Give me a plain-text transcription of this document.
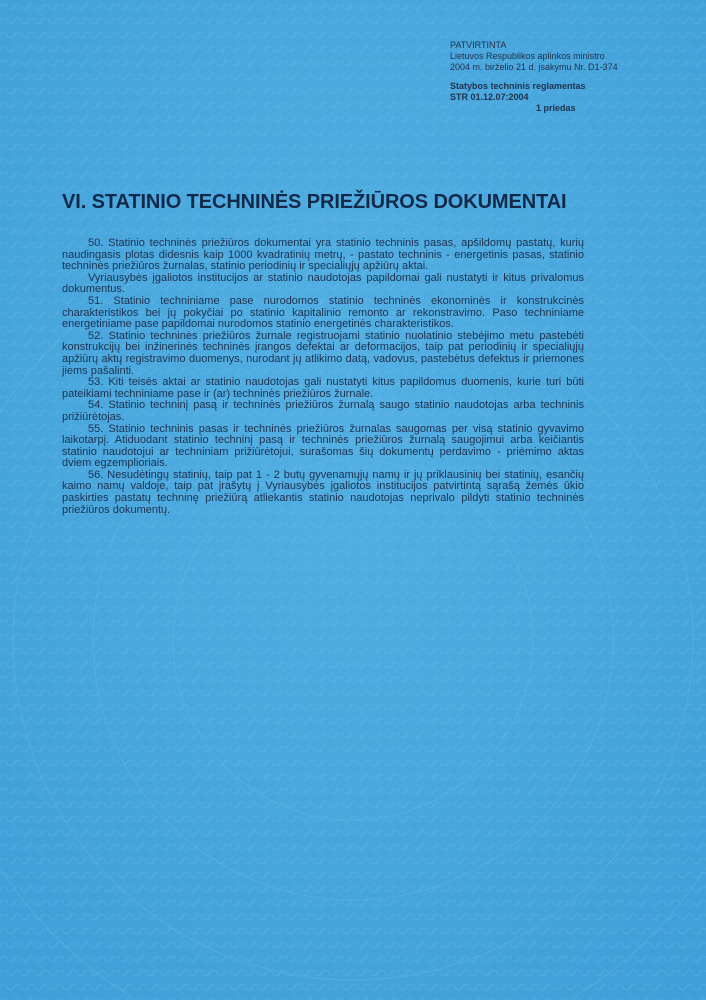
PATVIRTINTA
Lietuvos Respublikos aplinkos ministro
2004 m. birželio 21 d. įsakymu Nr. D1-374
Statybos techninis reglamentas
STR 01.12.07:2004
1 priedas
VI. STATINIO TECHNINĖS PRIEŽIŪROS DOKUMENTAI

50. Statinio techninės priežiūros dokumentai yra statinio techninis pasas, apšildomų pastatų, kurių naudingasis plotas didesnis kaip 1000 kvadratinių metrų, - pastato techninis - energetinis pasas, statinio techninės priežiūros žurnalas, statinio periodinių ir specialiųjų apžiūrų aktai.

Vyriausybės įgaliotos institucijos ar statinio naudotojas papildomai gali nustatyti ir kitus privalomus dokumentus.

51. Statinio techniniame pase nurodomos statinio techninės ekonominės ir konstrukcinės charakteristikos bei jų pokyčiai po statinio kapitalinio remonto ar rekonstravimo. Paso techniniame energetiniame pase papildomai nurodomos statinio energetinės charakteristikos.

52. Statinio techninės priežiūros žurnale registruojami statinio nuolatinio stebėjimo metu pastebėti konstrukcijų bei inžinerinės techninės įrangos defektai ar deformacijos, taip pat periodinių ir specialiųjų apžiūrų aktų registravimo duomenys, nurodant jų atlikimo datą, vadovus, pastebėtus defektus ir priemones jiems pašalinti.

53. Kiti teisės aktai ar statinio naudotojas gali nustatyti kitus papildomus duomenis, kurie turi būti pateikiami techniniame pase ir (ar) techninės priežiūros žurnale.

54. Statinio techninį pasą ir techninės priežiūros žurnalą saugo statinio naudotojas arba techninis prižiūrėtojas.

55. Statinio techninis pasas ir techninės priežiūros žurnalas saugomas per visą statinio gyvavimo laikotarpį. Atiduodant statinio techninį pasą ir techninės priežiūros žurnalą saugojimui arba keičiantis statinio naudotojui ar techniniam prižiūrėtojui, surašomas šių dokumentų perdavimo - priėmimo aktas dviem egzemplioriais.

56. Nesudėtingų statinių, taip pat 1 - 2 butų gyvenamųjų namų ir jų priklausinių bei statinių, esančių kaimo namų valdoje, taip pat įrašytų į Vyriausybės įgaliotos institucijos patvirtintą sąrašą žemės ūkio paskirties pastatų techninę priežiūrą atliekantis statinio naudotojas neprivalo pildyti statinio techninės priežiūros dokumentų.
